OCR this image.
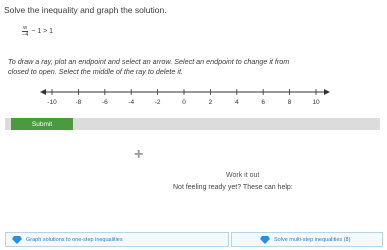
Solve the inequality and graph the solution.
$\frac{w}{-4} - 1 > 1$
To draw a ray, plot an endpoint and select an arrow. Select an endpoint to change it from
closed to open. Select the middle of the ray to delete it.
-10	-8	-6	-4	-2	0	2	4	6	8	10
Submit
+
Work it out
Not feeling ready yet? These can help:
Graph solutions to one-step inequalities	Solve multi-step inequalities (8)
